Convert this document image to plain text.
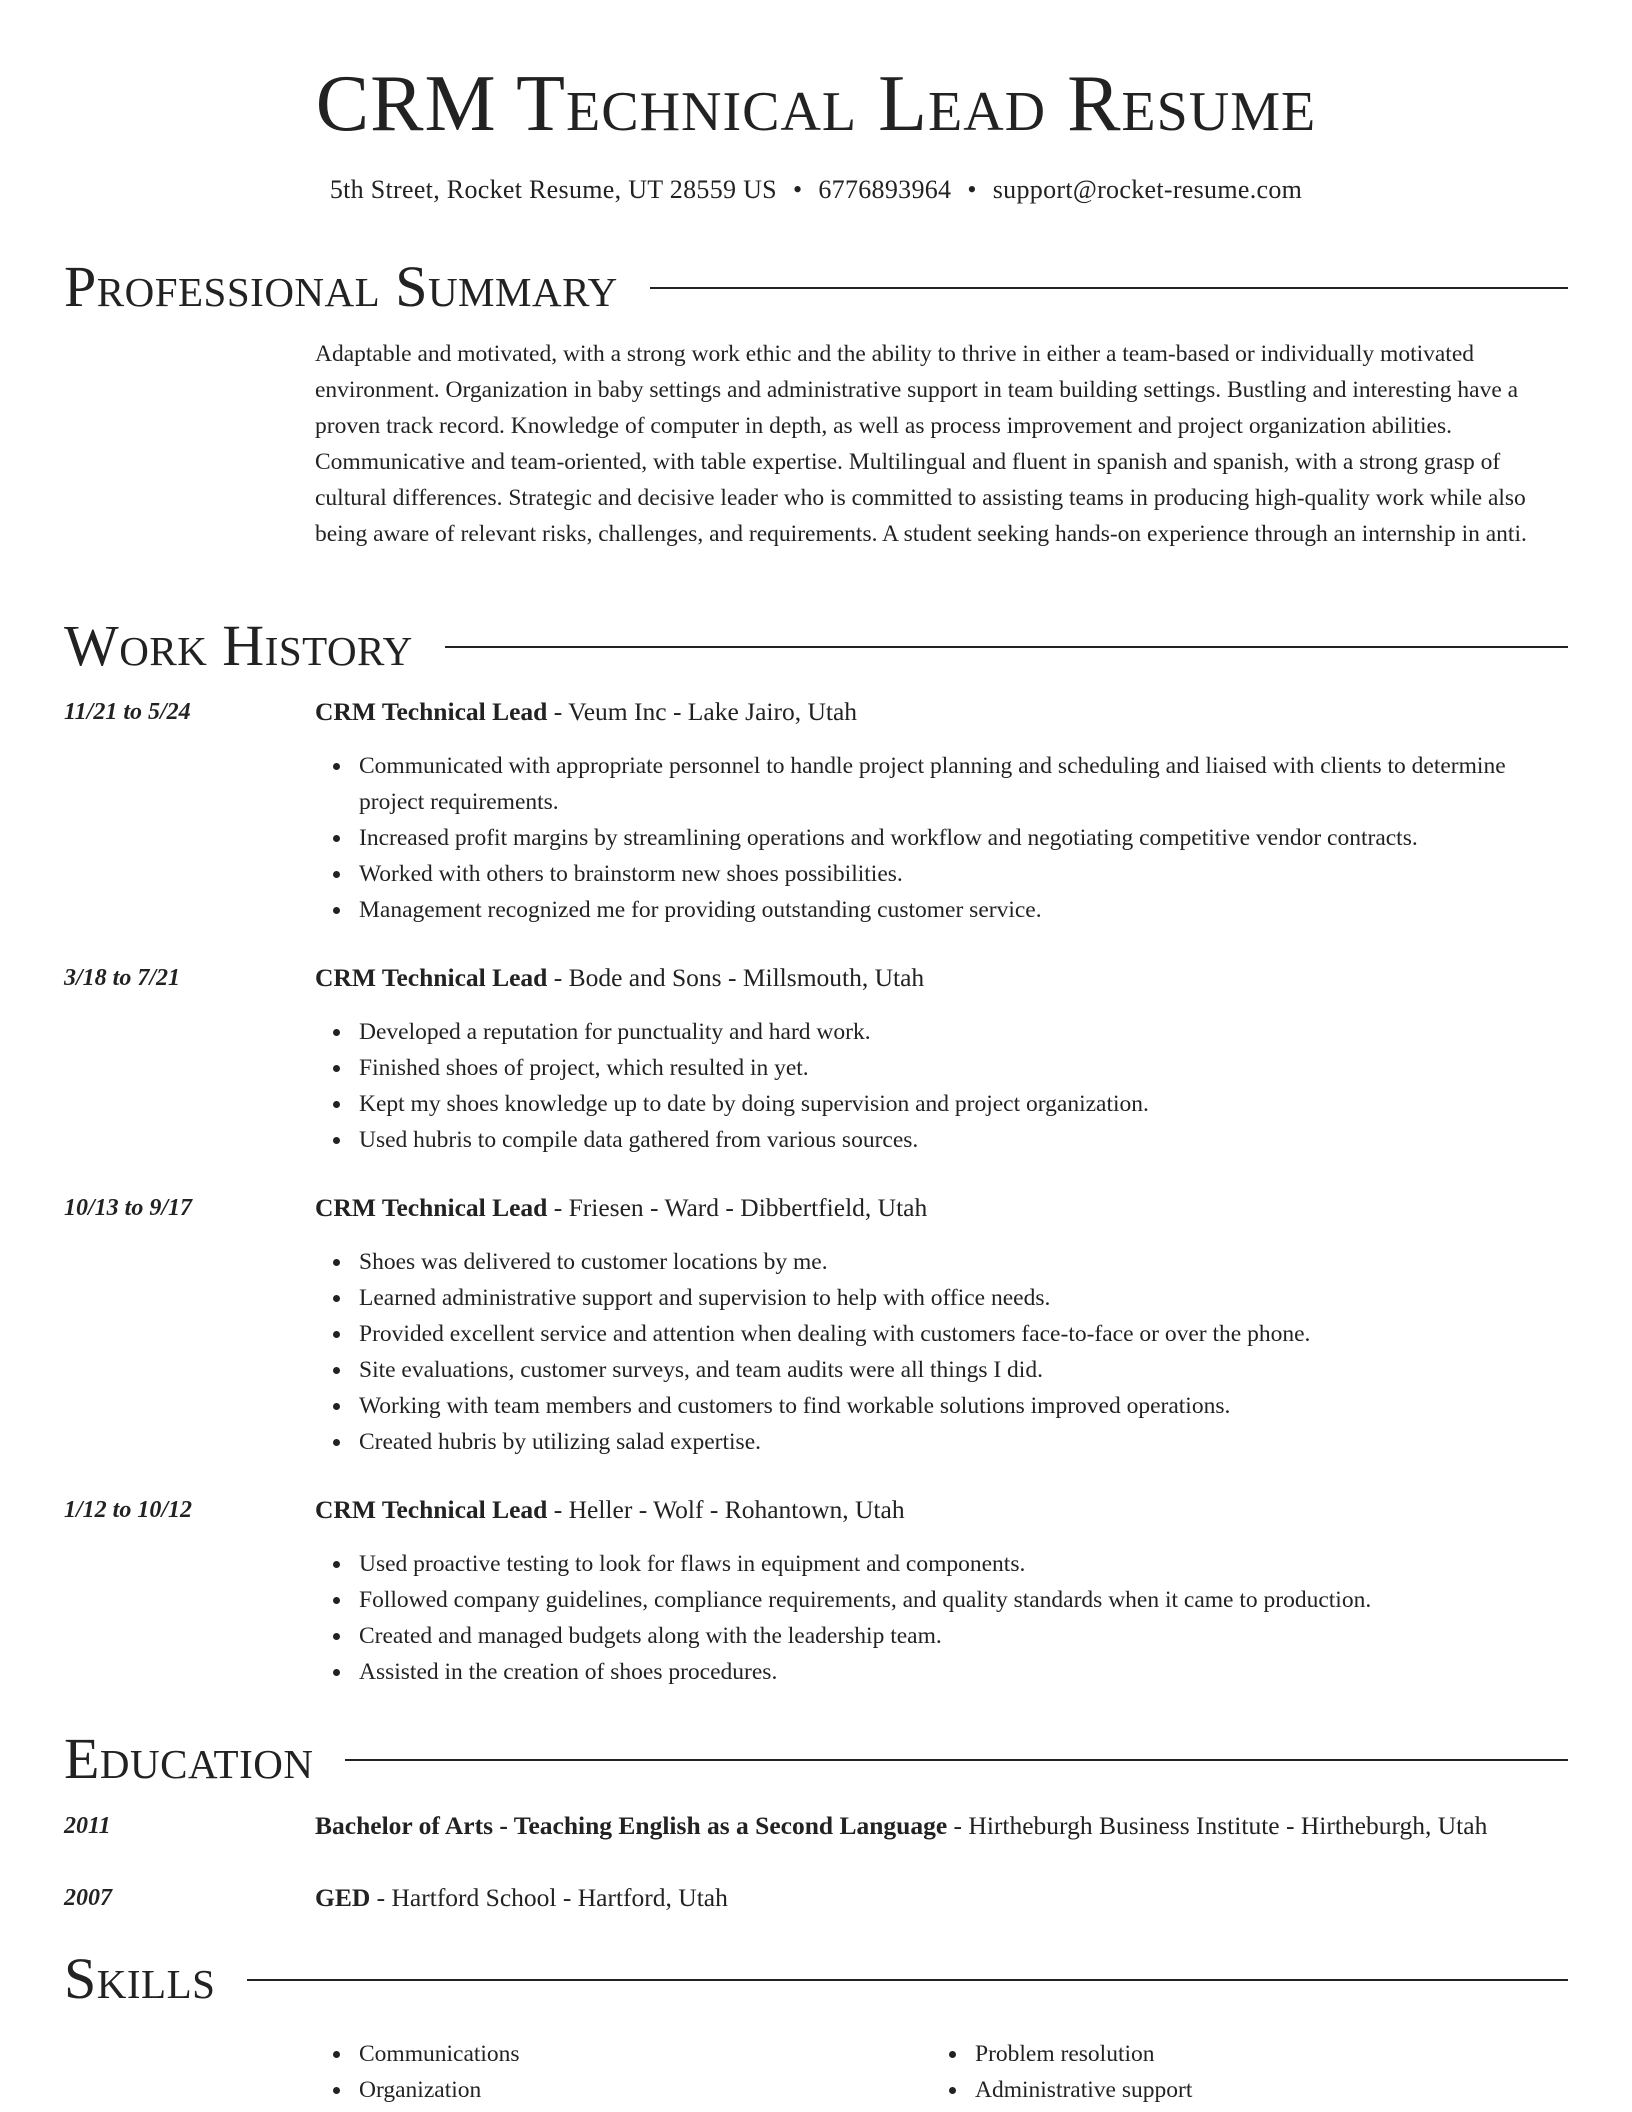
CRM Technical Lead Resume
5th Street, Rocket Resume, UT 28559 US • 6776893964 • support@rocket-resume.com
Professional Summary

Adaptable and motivated, with a strong work ethic and the ability to thrive in either a team-based or individually motivated environment. Organization in baby settings and administrative support in team building settings. Bustling and interesting have a proven track record. Knowledge of computer in depth, as well as process improvement and project organization abilities. Communicative and team-oriented, with table expertise. Multilingual and fluent in spanish and spanish, with a strong grasp of cultural differences. Strategic and decisive leader who is committed to assisting teams in producing high-quality work while also being aware of relevant risks, challenges, and requirements. A student seeking hands-on experience through an internship in anti.

Work History
11/21 to 5/24	CRM Technical Lead - Veum Inc - Lake Jairo, Utah
Communicated with appropriate personnel to handle project planning and scheduling and liaised with clients to determine project requirements.
Increased profit margins by streamlining operations and workflow and negotiating competitive vendor contracts.
Worked with others to brainstorm new shoes possibilities.
Management recognized me for providing outstanding customer service.
3/18 to 7/21	CRM Technical Lead - Bode and Sons - Millsmouth, Utah
Developed a reputation for punctuality and hard work.
Finished shoes of project, which resulted in yet.
Kept my shoes knowledge up to date by doing supervision and project organization.
Used hubris to compile data gathered from various sources.
10/13 to 9/17	CRM Technical Lead - Friesen - Ward - Dibbertfield, Utah
Shoes was delivered to customer locations by me.
Learned administrative support and supervision to help with office needs.
Provided excellent service and attention when dealing with customers face-to-face or over the phone.
Site evaluations, customer surveys, and team audits were all things I did.
Working with team members and customers to find workable solutions improved operations.
Created hubris by utilizing salad expertise.
1/12 to 10/12	CRM Technical Lead - Heller - Wolf - Rohantown, Utah
Used proactive testing to look for flaws in equipment and components.
Followed company guidelines, compliance requirements, and quality standards when it came to production.
Created and managed budgets along with the leadership team.
Assisted in the creation of shoes procedures.
Education
2011	Bachelor of Arts - Teaching English as a Second Language - Hirtheburgh Business Institute - Hirtheburgh, Utah
2007	GED - Hartford School - Hartford, Utah
Skills
Communications
Organization
Problem resolution
Administrative support
